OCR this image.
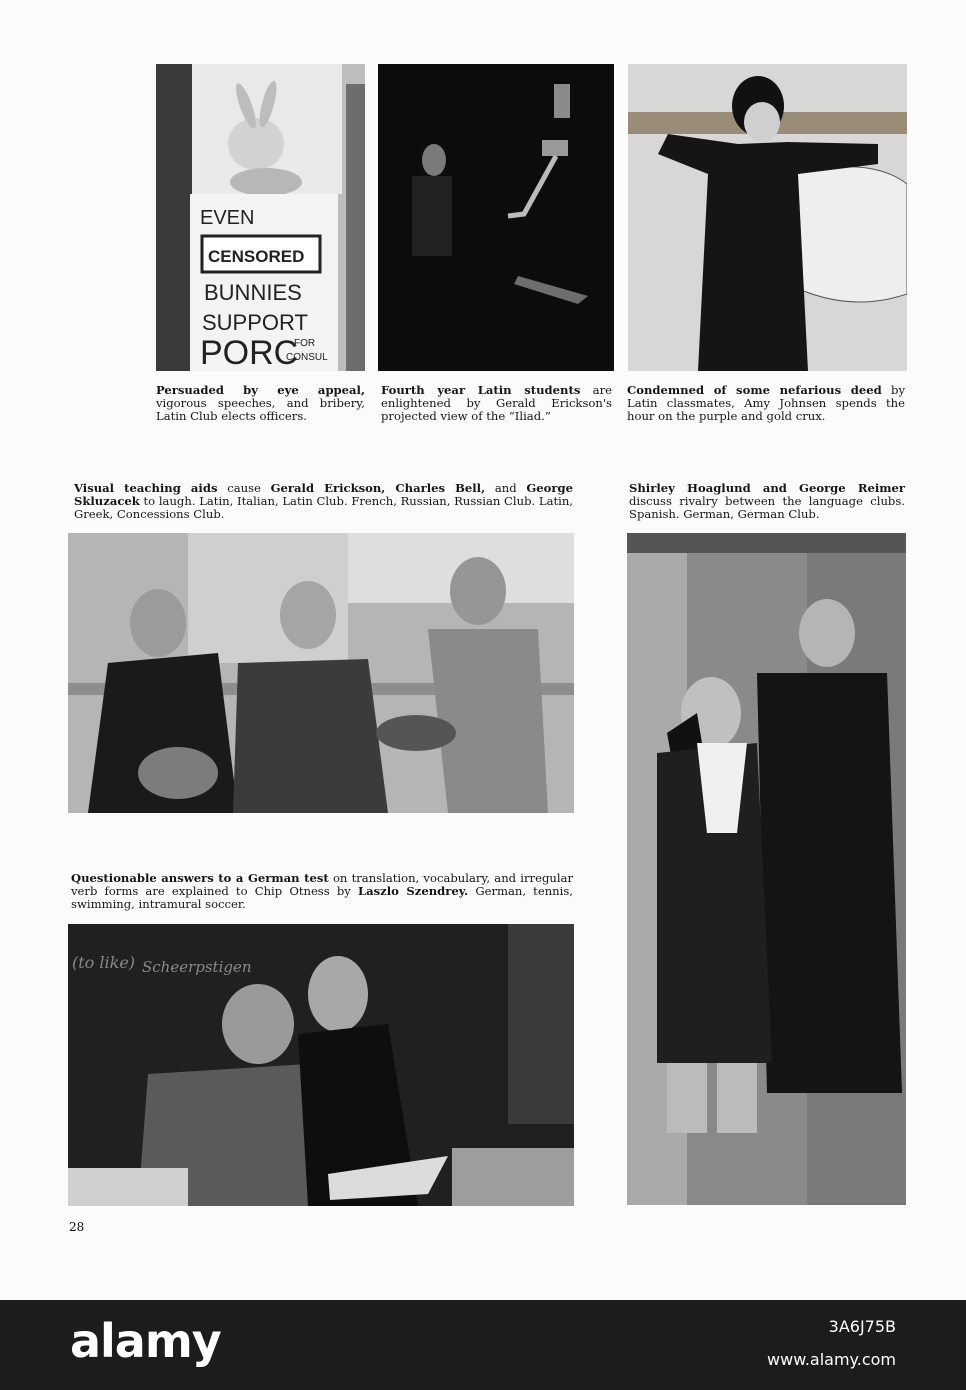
EVEN
CENSORED
BUNNIES
SUPPORT
PORC
FOR
CONSUL

Persuaded by eye appeal, vigorous speeches, and bribery, Latin Club elects officers.

Fourth year Latin students are enlightened by Gerald Erickson's projected view of the “Iliad.”

Condemned of some nefarious deed by Latin classmates, Amy Johnsen spends the hour on the purple and gold crux.

Visual teaching aids cause Gerald Erickson, Charles Bell, and George Skluzacek to laugh. Latin, Italian, Latin Club. French, Russian, Russian Club. Latin, Greek, Concessions Club.

Shirley Hoaglund and George Reimer discuss rivalry between the language clubs. Spanish. German, German Club.

Questionable answers to a German test on translation, vocabulary, and irregular verb forms are explained to Chip Otness by Laszlo Szendrey. German, tennis, swimming, intramural soccer.

(to like) Scheerpstigen
28
alamy	3A6J75B
www.alamy.com
